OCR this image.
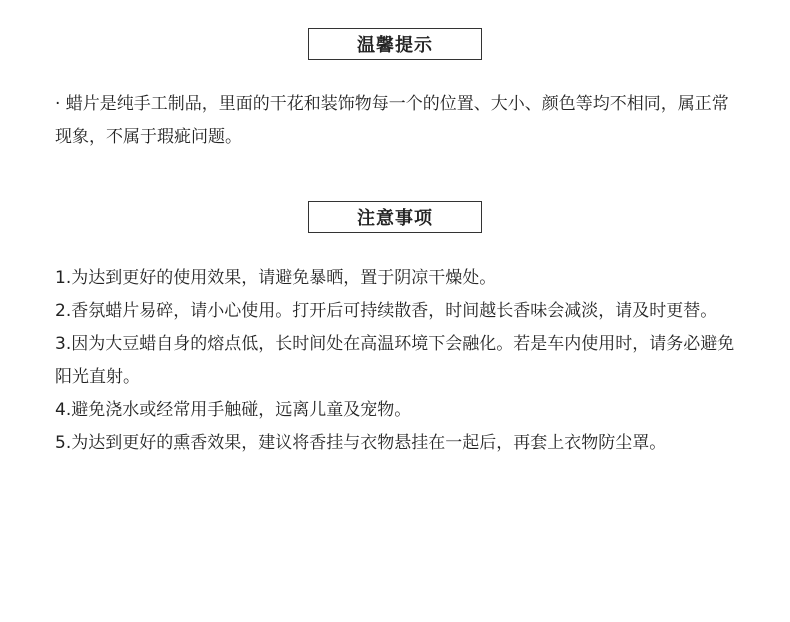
温馨提示

· 蜡片是纯手工制品，里面的干花和装饰物每一个的位置、大小、颜色等均不相同，属正常现象，不属于瑕疵问题。

注意事项

1.为达到更好的使用效果，请避免暴晒，置于阴凉干燥处。

2.香氛蜡片易碎，请小心使用。打开后可持续散香，时间越长香味会减淡，请及时更替。

3.因为大豆蜡自身的熔点低，长时间处在高温环境下会融化。若是车内使用时，请务必避免阳光直射。

4.避免浇水或经常用手触碰，远离儿童及宠物。

5.为达到更好的熏香效果，建议将香挂与衣物悬挂在一起后，再套上衣物防尘罩。
